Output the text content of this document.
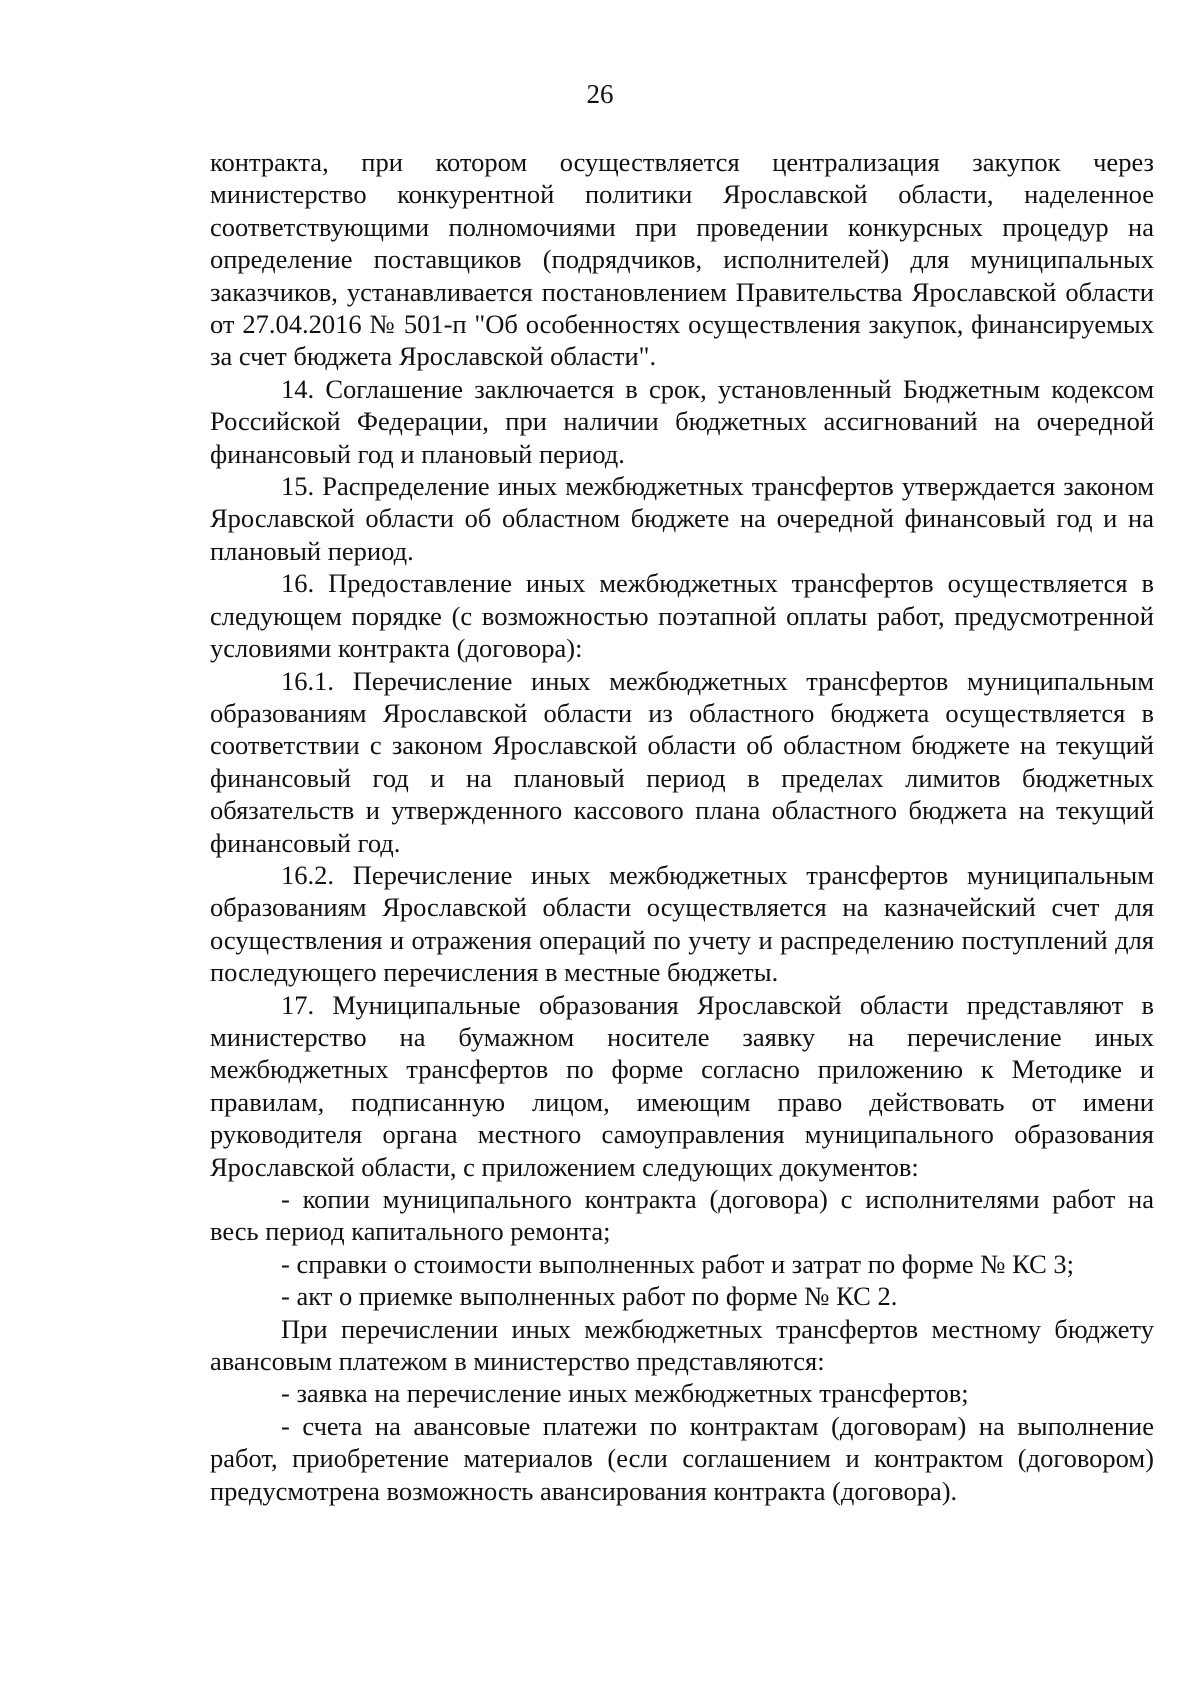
26

контракта, при котором осуществляется централизация закупок через министерство конкурентной политики Ярославской области, наделенное соответствующими полномочиями при проведении конкурсных процедур на определение поставщиков (подрядчиков, исполнителей) для муниципальных заказчиков, устанавливается постановлением Правительства Ярославской области от 27.04.2016 № 501-п "Об особенностях осуществления закупок, финансируемых за счет бюджета Ярославской области".

14. Соглашение заключается в срок, установленный Бюджетным кодексом Российской Федерации, при наличии бюджетных ассигнований на очередной финансовый год и плановый период.

15. Распределение иных межбюджетных трансфертов утверждается законом Ярославской области об областном бюджете на очередной финансовый год и на плановый период.

16. Предоставление иных межбюджетных трансфертов осуществляется в следующем порядке (с возможностью поэтапной оплаты работ, предусмотренной условиями контракта (договора):

16.1. Перечисление иных межбюджетных трансфертов муниципальным образованиям Ярославской области из областного бюджета осуществляется в соответствии с законом Ярославской области об областном бюджете на текущий финансовый год и на плановый период в пределах лимитов бюджетных обязательств и утвержденного кассового плана областного бюджета на текущий финансовый год.

16.2. Перечисление иных межбюджетных трансфертов муниципальным образованиям Ярославской области осуществляется на казначейский счет для осуществления и отражения операций по учету и распределению поступлений для последующего перечисления в местные бюджеты.

17. Муниципальные образования Ярославской области представляют в министерство на бумажном носителе заявку на перечисление иных межбюджетных трансфертов по форме согласно приложению к Методике и правилам, подписанную лицом, имеющим право действовать от имени руководителя органа местного самоуправления муниципального образования Ярославской области, с приложением следующих документов:

- копии муниципального контракта (договора) с исполнителями работ на весь период капитального ремонта;

- справки о стоимости выполненных работ и затрат по форме № КС 3;

- акт о приемке выполненных работ по форме № КС 2.

При перечислении иных межбюджетных трансфертов местному бюджету авансовым платежом в министерство представляются:

- заявка на перечисление иных межбюджетных трансфертов;

- счета на авансовые платежи по контрактам (договорам) на выполнение работ, приобретение материалов (если соглашением и контрактом (договором) предусмотрена возможность авансирования контракта (договора).
